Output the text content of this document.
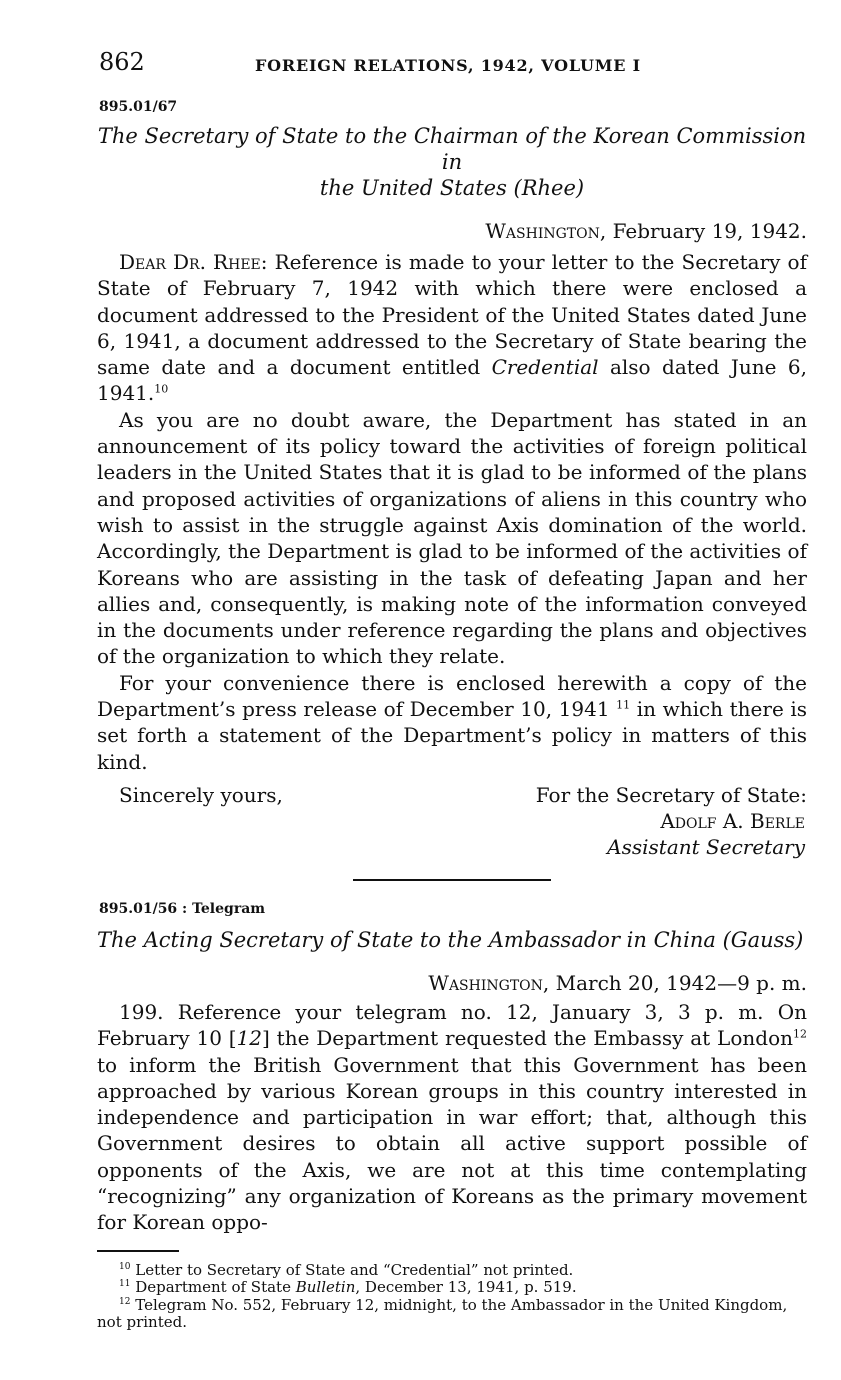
862	FOREIGN RELATIONS, 1942, VOLUME I
895.01/67
The Secretary of State to the Chairman of the Korean Commission in
the United States (Rhee)
Washington, February 19, 1942.

Dear Dr. Rhee: Reference is made to your letter to the Secretary of State of February 7, 1942 with which there were enclosed a document addressed to the President of the United States dated June 6, 1941, a document addressed to the Secretary of State bearing the same date and a document entitled Credential also dated June 6, 1941.10

As you are no doubt aware, the Department has stated in an announcement of its policy toward the activities of foreign political leaders in the United States that it is glad to be informed of the plans and proposed activities of organizations of aliens in this country who wish to assist in the struggle against Axis domination of the world. Accordingly, the Department is glad to be informed of the activities of Koreans who are assisting in the task of defeating Japan and her allies and, consequently, is making note of the information conveyed in the documents under reference regarding the plans and objectives of the organization to which they relate.

For your convenience there is enclosed herewith a copy of the Department’s press release of December 10, 1941 $^{11}$ in which there is set forth a statement of the Department’s policy in matters of this kind.

Sincerely yours,	For the Secretary of State:
Adolf A. Berle
Assistant Secretary
895.01/56 : Telegram
The Acting Secretary of State to the Ambassador in China (Gauss)
Washington, March 20, 1942—9 p. m.

199. Reference your telegram no. 12, January 3, 3 p. m. On February 10 [12] the Department requested the Embassy at London$^{12}$ to inform the British Government that this Government has been approached by various Korean groups in this country interested in independence and participation in war effort; that, although this Government desires to obtain all active support possible of opponents of the Axis, we are not at this time contemplating “recognizing” any organization of Koreans as the primary movement for Korean oppo-

$^{10}$ Letter to Secretary of State and “Credential” not printed.

$^{11}$ Department of State Bulletin, December 13, 1941, p. 519.

$^{12}$ Telegram No. 552, February 12, midnight, to the Ambassador in the United Kingdom, not printed.
